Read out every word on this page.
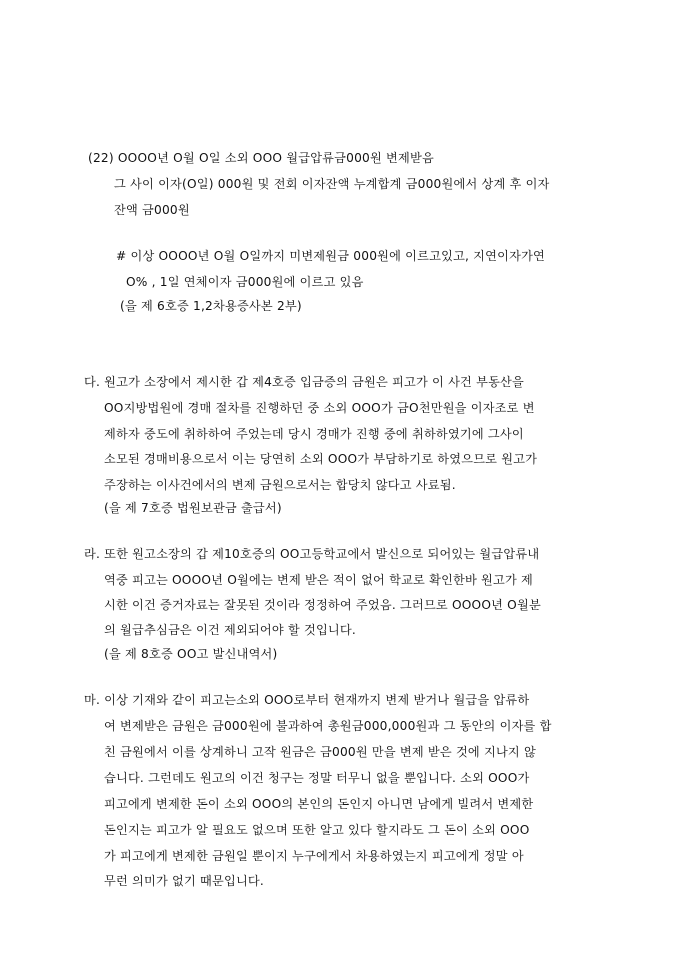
(22) OOOO년 O월 O일 소외 OOO 월급압류금000원 변제받음
그 사이 이자(O일) 000원 및 전회 이자잔액 누계합계 금000원에서 상계 후 이자
잔액 금000원
# 이상 OOOO년 O월 O일까지 미변제원금 000원에 이르고있고, 지연이자가연
O% , 1일 연체이자 금000원에 이르고 있음
(을 제 6호증 1,2차용증사본 2부)
다. 원고가 소장에서 제시한 갑 제4호증 입금증의 금원은 피고가 이 사건 부동산을
OO지방법원에 경매 절차를 진행하던 중 소외 OOO가 금O천만원을 이자조로 변
제하자 중도에 취하하여 주었는데 당시 경매가 진행 중에 취하하였기에 그사이
소모된 경매비용으로서 이는 당연히 소외 OOO가 부담하기로 하였으므로 원고가
주장하는 이사건에서의 변제 금원으로서는 합당치 않다고 사료됨.
(을 제 7호증 법원보관금 출급서)
라. 또한 원고소장의 갑 제10호증의 OO고등학교에서 발신으로 되어있는 월급압류내
역중 피고는 OOOO년 O월에는 변제 받은 적이 없어 학교로 확인한바 원고가 제
시한 이건 증거자료는 잘못된 것이라 정정하여 주었음. 그러므로 OOOO년 O월분
의 월급추심금은 이건 제외되어야 할 것입니다.
(을 제 8호증 OO고 발신내역서)
마. 이상 기재와 같이 피고는소외 OOO로부터 현재까지 변제 받거나 월급을 압류하
여 변제받은 금원은 금000원에 불과하여 총원금000,000원과 그 동안의 이자를 합
친 금원에서 이를 상계하니 고작 원금은 금000원 만을 변제 받은 것에 지나지 않
습니다. 그런데도 원고의 이건 청구는 정말 터무니 없을 뿐입니다. 소외 OOO가
피고에게 변제한 돈이 소외 OOO의 본인의 돈인지 아니면 남에게 빌려서 변제한
돈인지는 피고가 알 필요도 없으며 또한 알고 있다 할지라도 그 돈이 소외 OOO
가 피고에게 변제한 금원일 뿐이지 누구에게서 차용하였는지 피고에게 정말 아
무런 의미가 없기 때문입니다.
